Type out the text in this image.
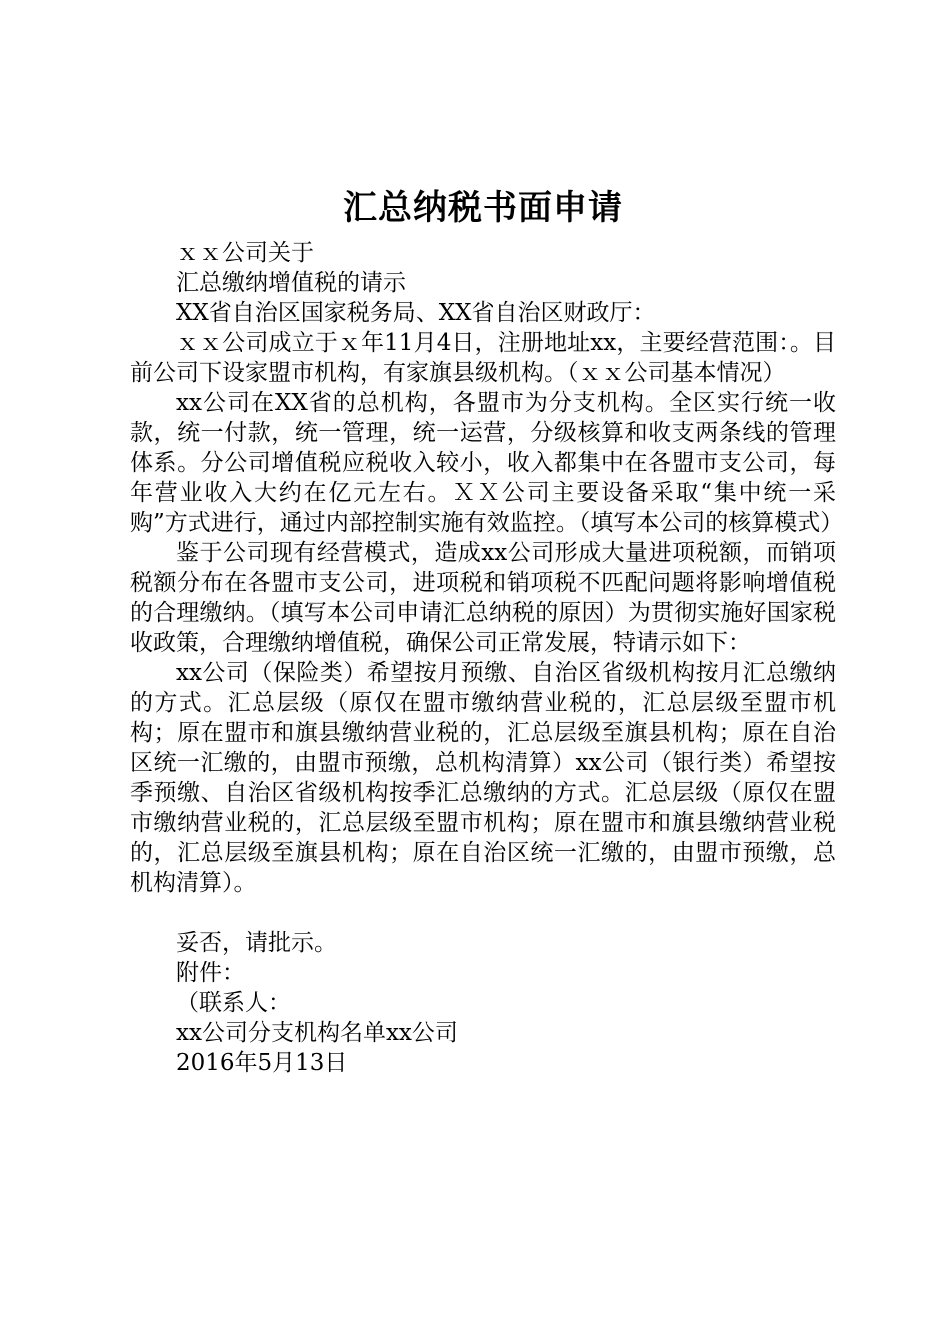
汇总纳税书面申请

ｘｘ公司关于

汇总缴纳增值税的请示

XX省自治区国家税务局、XX省自治区财政厅：

ｘｘ公司成立于ｘ年11月4日，注册地址xx，主要经营范围：。目前公司下设家盟市机构，有家旗县级机构。（ｘｘ公司基本情况）

xx公司在XX省的总机构，各盟市为分支机构。全区实行统一收款，统一付款，统一管理，统一运营，分级核算和收支两条线的管理体系。分公司增值税应税收入较小，收入都集中在各盟市支公司，每年营业收入大约在亿元左右。ＸＸ公司主要设备采取“集中统一采购”方式进行，通过内部控制实施有效监控。（填写本公司的核算模式）

鉴于公司现有经营模式，造成xx公司形成大量进项税额，而销项税额分布在各盟市支公司，进项税和销项税不匹配问题将影响增值税的合理缴纳。（填写本公司申请汇总纳税的原因）为贯彻实施好国家税收政策，合理缴纳增值税，确保公司正常发展，特请示如下：

xx公司（保险类）希望按月预缴、自治区省级机构按月汇总缴纳的方式。汇总层级（原仅在盟市缴纳营业税的，汇总层级至盟市机构；原在盟市和旗县缴纳营业税的，汇总层级至旗县机构；原在自治区统一汇缴的，由盟市预缴，总机构清算）xx公司（银行类）希望按季预缴、自治区省级机构按季汇总缴纳的方式。汇总层级（原仅在盟市缴纳营业税的，汇总层级至盟市机构；原在盟市和旗县缴纳营业税的，汇总层级至旗县机构；原在自治区统一汇缴的，由盟市预缴，总机构清算）。

妥否，请批示。

附件：

（联系人：

xx公司分支机构名单xx公司

2016年5月13日
